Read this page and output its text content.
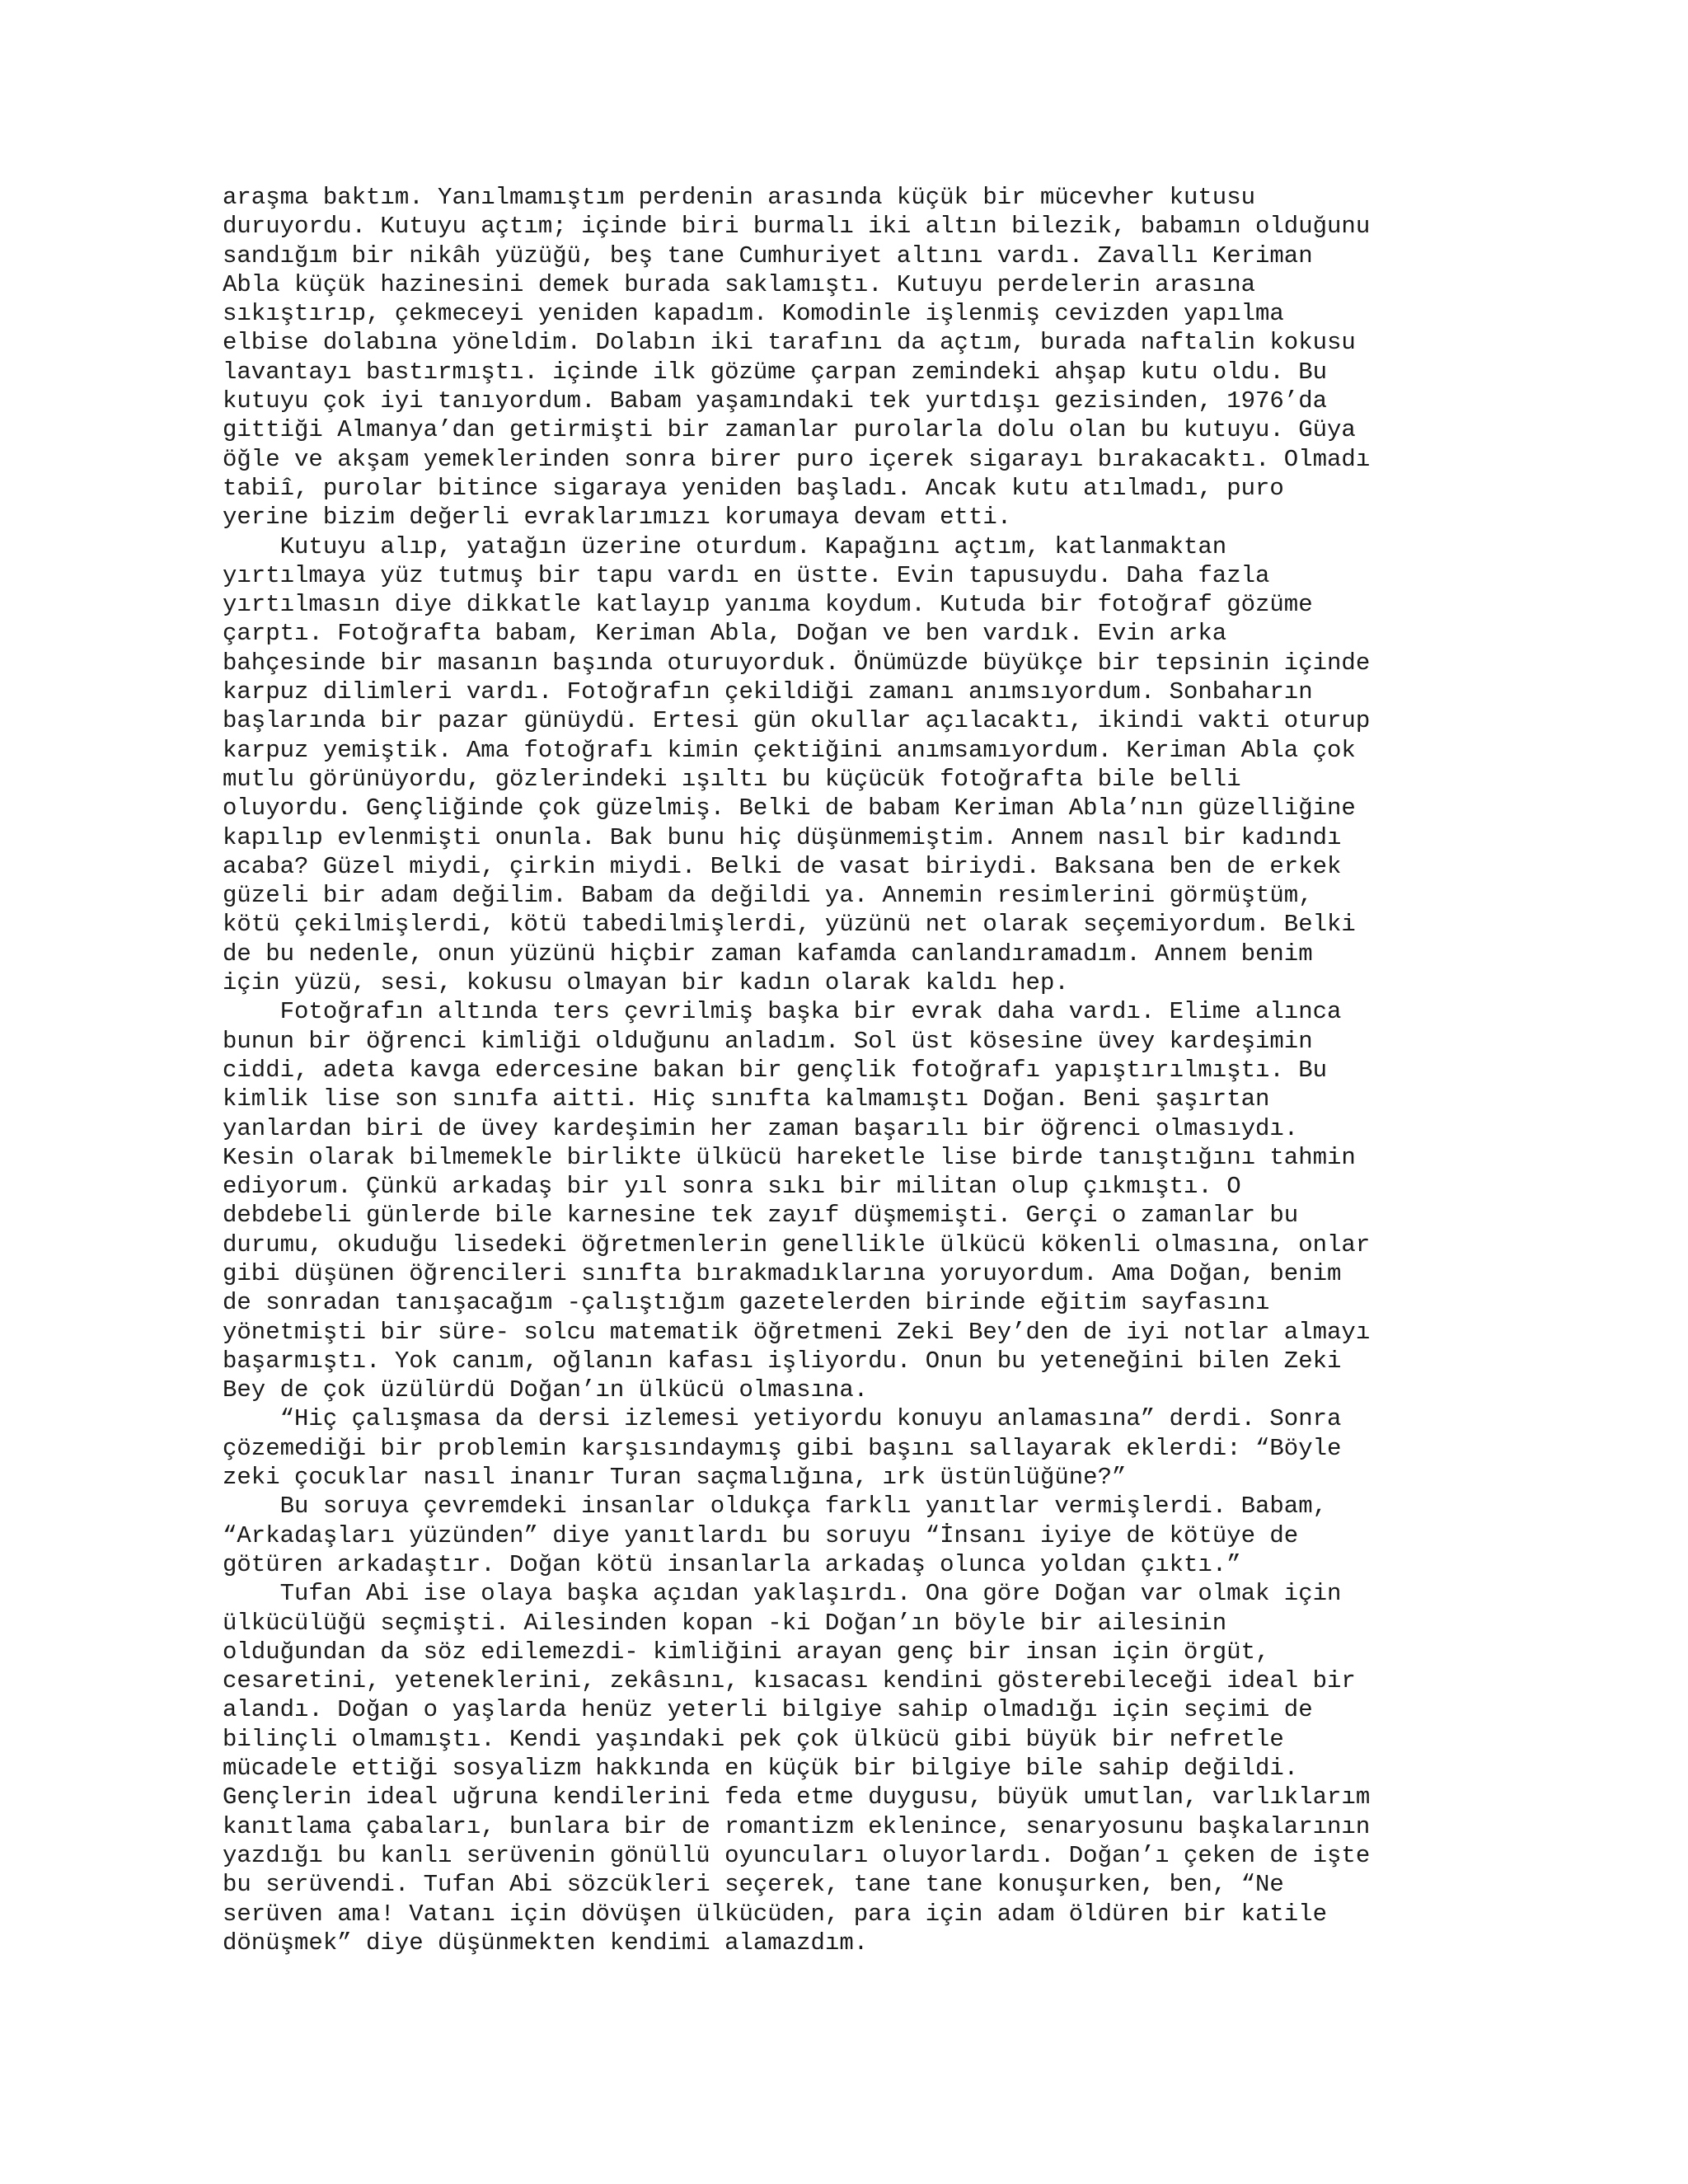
araşma baktım. Yanılmamıştım perdenin arasında küçük bir mücevher kutusu
duruyordu. Kutuyu açtım; içinde biri burmalı iki altın bilezik, babamın olduğunu
sandığım bir nikâh yüzüğü, beş tane Cumhuriyet altını vardı. Zavallı Keriman
Abla küçük hazinesini demek burada saklamıştı. Kutuyu perdelerin arasına
sıkıştırıp, çekmeceyi yeniden kapadım. Komodinle işlenmiş cevizden yapılma
elbise dolabına yöneldim. Dolabın iki tarafını da açtım, burada naftalin kokusu
lavantayı bastırmıştı. içinde ilk gözüme çarpan zemindeki ahşap kutu oldu. Bu
kutuyu çok iyi tanıyordum. Babam yaşamındaki tek yurtdışı gezisinden, 1976’da
gittiği Almanya’dan getirmişti bir zamanlar purolarla dolu olan bu kutuyu. Güya
öğle ve akşam yemeklerinden sonra birer puro içerek sigarayı bırakacaktı. Olmadı
tabiî, purolar bitince sigaraya yeniden başladı. Ancak kutu atılmadı, puro
yerine bizim değerli evraklarımızı korumaya devam etti.
Kutuyu alıp, yatağın üzerine oturdum. Kapağını açtım, katlanmaktan
yırtılmaya yüz tutmuş bir tapu vardı en üstte. Evin tapusuydu. Daha fazla
yırtılmasın diye dikkatle katlayıp yanıma koydum. Kutuda bir fotoğraf gözüme
çarptı. Fotoğrafta babam, Keriman Abla, Doğan ve ben vardık. Evin arka
bahçesinde bir masanın başında oturuyorduk. Önümüzde büyükçe bir tepsinin içinde
karpuz dilimleri vardı. Fotoğrafın çekildiği zamanı anımsıyordum. Sonbaharın
başlarında bir pazar günüydü. Ertesi gün okullar açılacaktı, ikindi vakti oturup
karpuz yemiştik. Ama fotoğrafı kimin çektiğini anımsamıyordum. Keriman Abla çok
mutlu görünüyordu, gözlerindeki ışıltı bu küçücük fotoğrafta bile belli
oluyordu. Gençliğinde çok güzelmiş. Belki de babam Keriman Abla’nın güzelliğine
kapılıp evlenmişti onunla. Bak bunu hiç düşünmemiştim. Annem nasıl bir kadındı
acaba? Güzel miydi, çirkin miydi. Belki de vasat biriydi. Baksana ben de erkek
güzeli bir adam değilim. Babam da değildi ya. Annemin resimlerini görmüştüm,
kötü çekilmişlerdi, kötü tabedilmişlerdi, yüzünü net olarak seçemiyordum. Belki
de bu nedenle, onun yüzünü hiçbir zaman kafamda canlandıramadım. Annem benim
için yüzü, sesi, kokusu olmayan bir kadın olarak kaldı hep.
Fotoğrafın altında ters çevrilmiş başka bir evrak daha vardı. Elime alınca
bunun bir öğrenci kimliği olduğunu anladım. Sol üst kösesine üvey kardeşimin
ciddi, adeta kavga edercesine bakan bir gençlik fotoğrafı yapıştırılmıştı. Bu
kimlik lise son sınıfa aitti. Hiç sınıfta kalmamıştı Doğan. Beni şaşırtan
yanlardan biri de üvey kardeşimin her zaman başarılı bir öğrenci olmasıydı.
Kesin olarak bilmemekle birlikte ülkücü hareketle lise birde tanıştığını tahmin
ediyorum. Çünkü arkadaş bir yıl sonra sıkı bir militan olup çıkmıştı. O
debdebeli günlerde bile karnesine tek zayıf düşmemişti. Gerçi o zamanlar bu
durumu, okuduğu lisedeki öğretmenlerin genellikle ülkücü kökenli olmasına, onlar
gibi düşünen öğrencileri sınıfta bırakmadıklarına yoruyordum. Ama Doğan, benim
de sonradan tanışacağım -çalıştığım gazetelerden birinde eğitim sayfasını
yönetmişti bir süre- solcu matematik öğretmeni Zeki Bey’den de iyi notlar almayı
başarmıştı. Yok canım, oğlanın kafası işliyordu. Onun bu yeteneğini bilen Zeki
Bey de çok üzülürdü Doğan’ın ülkücü olmasına.
“Hiç çalışmasa da dersi izlemesi yetiyordu konuyu anlamasına” derdi. Sonra
çözemediği bir problemin karşısındaymış gibi başını sallayarak eklerdi: “Böyle
zeki çocuklar nasıl inanır Turan saçmalığına, ırk üstünlüğüne?”
Bu soruya çevremdeki insanlar oldukça farklı yanıtlar vermişlerdi. Babam,
“Arkadaşları yüzünden” diye yanıtlardı bu soruyu “İnsanı iyiye de kötüye de
götüren arkadaştır. Doğan kötü insanlarla arkadaş olunca yoldan çıktı.”
Tufan Abi ise olaya başka açıdan yaklaşırdı. Ona göre Doğan var olmak için
ülkücülüğü seçmişti. Ailesinden kopan -ki Doğan’ın böyle bir ailesinin
olduğundan da söz edilemezdi- kimliğini arayan genç bir insan için örgüt,
cesaretini, yeteneklerini, zekâsını, kısacası kendini gösterebileceği ideal bir
alandı. Doğan o yaşlarda henüz yeterli bilgiye sahip olmadığı için seçimi de
bilinçli olmamıştı. Kendi yaşındaki pek çok ülkücü gibi büyük bir nefretle
mücadele ettiği sosyalizm hakkında en küçük bir bilgiye bile sahip değildi.
Gençlerin ideal uğruna kendilerini feda etme duygusu, büyük umutlan, varlıklarım
kanıtlama çabaları, bunlara bir de romantizm eklenince, senaryosunu başkalarının
yazdığı bu kanlı serüvenin gönüllü oyuncuları oluyorlardı. Doğan’ı çeken de işte
bu serüvendi. Tufan Abi sözcükleri seçerek, tane tane konuşurken, ben, “Ne
serüven ama! Vatanı için dövüşen ülkücüden, para için adam öldüren bir katile
dönüşmek” diye düşünmekten kendimi alamazdım.
